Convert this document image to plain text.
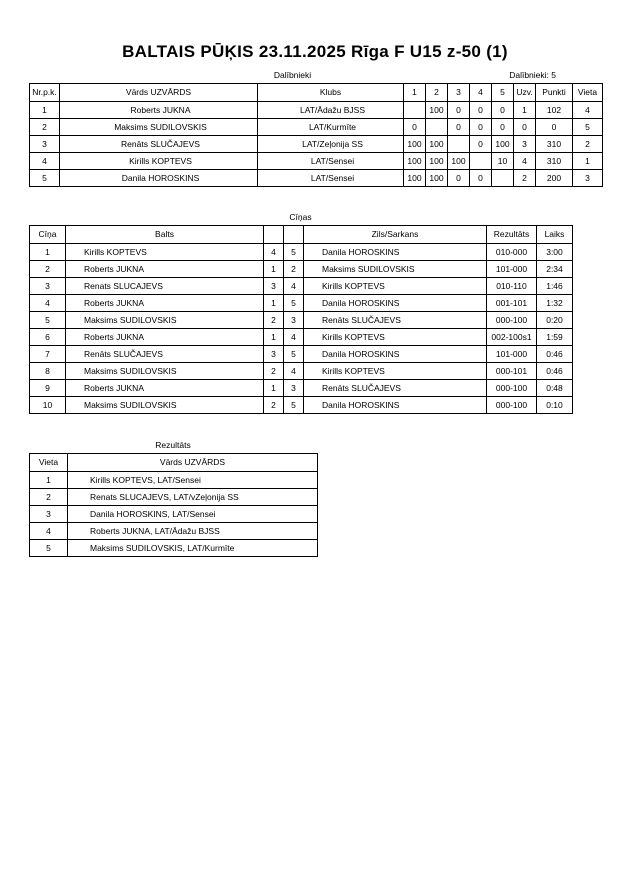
BALTAIS PŪĶIS 23.11.2025 Rīga F U15 z-50 (1)
Dalībnieki	Dalībnieki: 5
Nr.p.k.	Vārds UZVĀRDS	Klubs	1	2	3	4	5	Uzv.	Punkti	Vieta
1	Roberts JUKNA	LAT/Ādažu BJSS		100	0	0	0	1	102	4
2	Maksims SUDILOVSKIS	LAT/Kurmīte	0		0	0	0	0	0	5
3	Renāts SLUČAJEVS	LAT/Zeļonija SS	100	100		0	100	3	310	2
4	Kirills KOPTEVS	LAT/Sensei	100	100	100		10	4	310	1
5	Danila HOROSKINS	LAT/Sensei	100	100	0	0		2	200	3
Cīņas
Cīņa	Balts			Zils/Sarkans	Rezultāts	Laiks
1	Kirills KOPTEVS	4	5	Danila HOROSKINS	010-000	3:00
2	Roberts JUKNA	1	2	Maksims SUDILOVSKIS	101-000	2:34
3	Renats SLUCAJEVS	3	4	Kirills KOPTEVS	010-110	1:46
4	Roberts JUKNA	1	5	Danila HOROSKINS	001-101	1:32
5	Maksims SUDILOVSKIS	2	3	Renāts SLUČAJEVS	000-100	0:20
6	Roberts JUKNA	1	4	Kirills KOPTEVS	002-100s1	1:59
7	Renāts SLUČAJEVS	3	5	Danila HOROSKINS	101-000	0:46
8	Maksims SUDILOVSKIS	2	4	Kirills KOPTEVS	000-101	0:46
9	Roberts JUKNA	1	3	Renāts SLUČAJEVS	000-100	0:48
10	Maksims SUDILOVSKIS	2	5	Danila HOROSKINS	000-100	0:10
Rezultāts
Vieta	Vārds UZVĀRDS
1	Kirills KOPTEVS, LAT/Sensei
2	Renats SLUCAJEVS, LAT/vZeļonija SS
3	Danila HOROSKINS, LAT/Sensei
4	Roberts JUKNA, LAT/Ādažu BJSS
5	Maksims SUDILOVSKIS, LAT/Kurmīte
